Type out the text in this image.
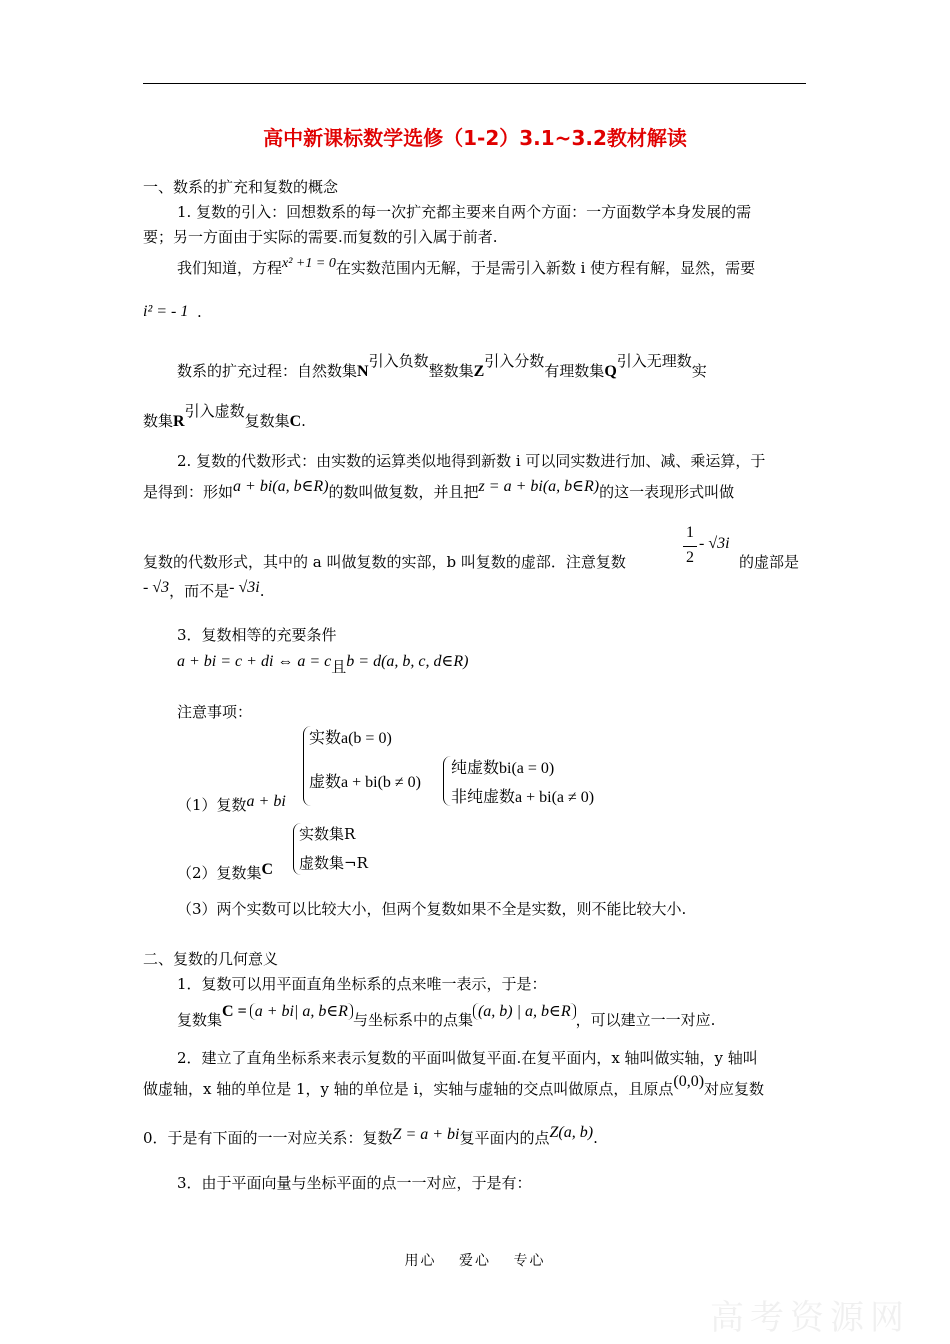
高中新课标数学选修（1-2）3.1~3.2教材解读
一、数系的扩充和复数的概念
1. 复数的引入：回想数系的每一次扩充都主要来自两个方面：一方面数学本身发展的需
要；另一方面由于实际的需要.而复数的引入属于前者.
我们知道，方程x² +1 = 0在实数范围内无解，于是需引入新数 i 使方程有解，显然，需要
i² = - 1 .
数系的扩充过程：自然数集N引入负数整数集Z引入分数有理数集Q引入无理数实
数集R引入虚数复数集C.
2. 复数的代数形式：由实数的运算类似地得到新数 i 可以同实数进行加、减、乘运算，于
是得到：形如a + bi(a, b∈R)的数叫做复数，并且把z = a + bi(a, b∈R)的这一表现形式叫做
复数的代数形式，其中的 a 叫做复数的实部，b 叫复数的虚部．注意复数
1
2
- √3i
的虚部是
- √3，而不是- √3i.
3．复数相等的充要条件
a + bi = c + di ⇔ a = c且b = d(a, b, c, d∈R)
注意事项：
实数a(b = 0)
虚数a + bi(b ≠ 0)
纯虚数bi(a = 0)
非纯虚数a + bi(a ≠ 0)
（1）复数a + bi
实数集R
虚数集¬R
（2）复数集C
（3）两个实数可以比较大小，但两个复数如果不全是实数，则不能比较大小.
二、复数的几何意义
1．复数可以用平面直角坐标系的点来唯一表示，于是：
复数集C = a + bi| a, b∈R 与坐标系中的点集 (a, b) | a, b∈R ，可以建立一一对应.
2．建立了直角坐标系来表示复数的平面叫做复平面.在复平面内，x 轴叫做实轴，y 轴叫
做虚轴，x 轴的单位是 1，y 轴的单位是 i，实轴与虚轴的交点叫做原点，且原点(0,0)对应复数
0．于是有下面的一一对应关系：复数Z = a + bi复平面内的点Z(a, b).
3．由于平面向量与坐标平面的点一一对应，于是有：
用心　 爱心　 专心
高考资源网
